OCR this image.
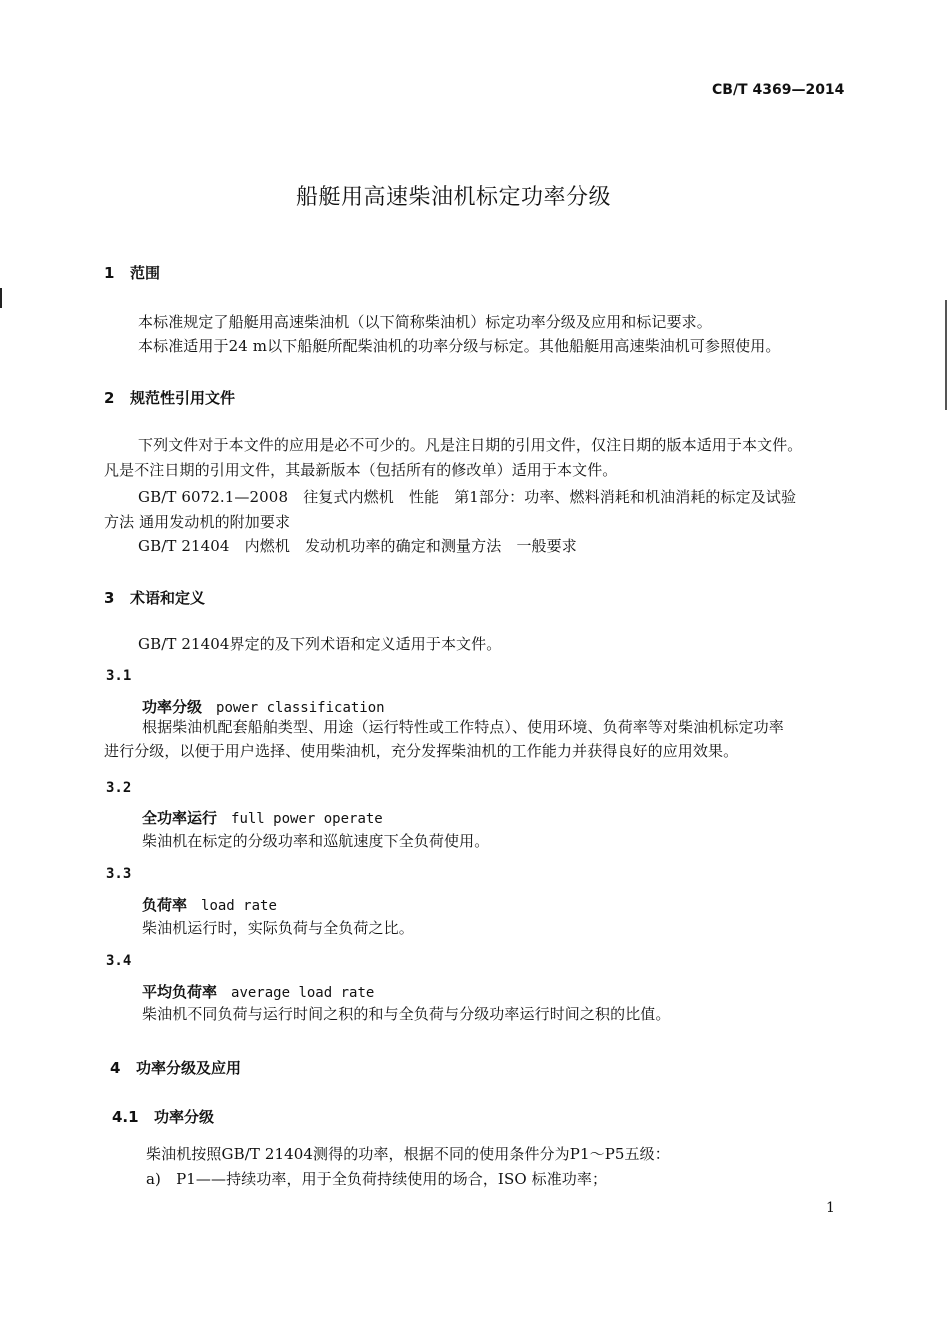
CB/T 4369—2014
船艇用高速柴油机标定功率分级
1 范围
本标准规定了船艇用高速柴油机（以下简称柴油机）标定功率分级及应用和标记要求。
本标准适用于24 m以下船艇所配柴油机的功率分级与标定。其他船艇用高速柴油机可参照使用。
2 规范性引用文件
下列文件对于本文件的应用是必不可少的。凡是注日期的引用文件，仅注日期的版本适用于本文件。
凡是不注日期的引用文件，其最新版本（包括所有的修改单）适用于本文件。
GB/T 6072.1—2008　往复式内燃机　性能　第1部分：功率、燃料消耗和机油消耗的标定及试验
方法 通用发动机的附加要求
GB/T 21404　内燃机　发动机功率的确定和测量方法　一般要求
3 术语和定义
GB/T 21404界定的及下列术语和定义适用于本文件。
3.1
功率分级 power classification
根据柴油机配套船舶类型、用途（运行特性或工作特点）、使用环境、负荷率等对柴油机标定功率
进行分级，以便于用户选择、使用柴油机，充分发挥柴油机的工作能力并获得良好的应用效果。
3.2
全功率运行 full power operate
柴油机在标定的分级功率和巡航速度下全负荷使用。
3.3
负荷率 load rate
柴油机运行时，实际负荷与全负荷之比。
3.4
平均负荷率 average load rate
柴油机不同负荷与运行时间之积的和与全负荷与分级功率运行时间之积的比值。
4 功率分级及应用
4.1 功率分级
柴油机按照GB/T 21404测得的功率，根据不同的使用条件分为P1～P5五级：
a)　P1——持续功率，用于全负荷持续使用的场合，ISO 标准功率；
1
